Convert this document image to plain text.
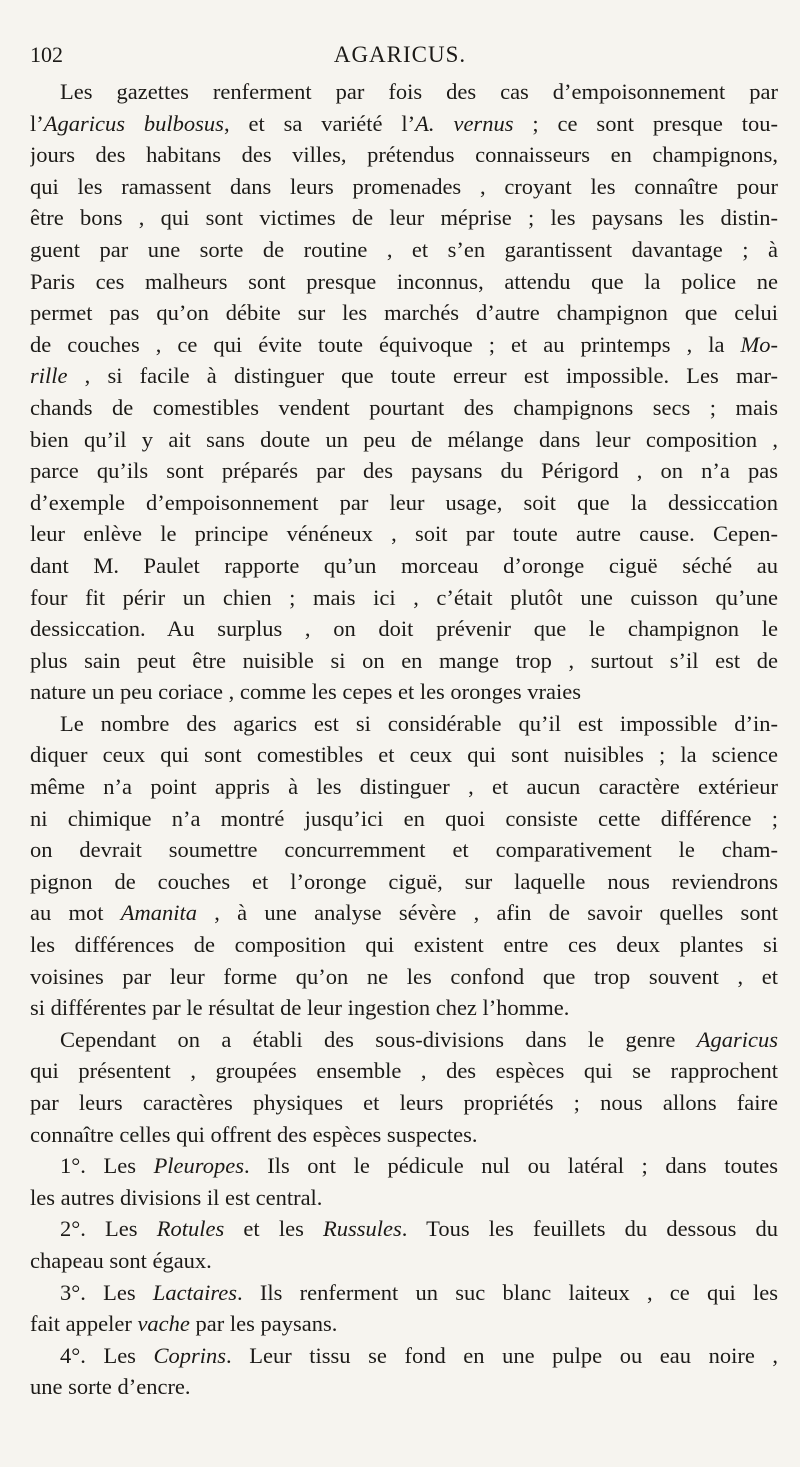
102	AGARICUS.
Les gazettes renferment par fois des cas d’empoisonnement par
l’Agaricus bulbosus, et sa variété l’A. vernus ; ce sont presque tou-
jours des habitans des villes, prétendus connaisseurs en champignons,
qui les ramassent dans leurs promenades , croyant les connaître pour
être bons , qui sont victimes de leur méprise ; les paysans les distin-
guent par une sorte de routine , et s’en garantissent davantage ; à
Paris ces malheurs sont presque inconnus, attendu que la police ne
permet pas qu’on débite sur les marchés d’autre champignon que celui
de couches , ce qui évite toute équivoque ; et au printemps , la Mo-
rille , si facile à distinguer que toute erreur est impossible. Les mar-
chands de comestibles vendent pourtant des champignons secs ; mais
bien qu’il y ait sans doute un peu de mélange dans leur composition ,
parce qu’ils sont préparés par des paysans du Périgord , on n’a pas
d’exemple d’empoisonnement par leur usage, soit que la dessiccation
leur enlève le principe vénéneux , soit par toute autre cause. Cepen-
dant M. Paulet rapporte qu’un morceau d’oronge ciguë séché au
four fit périr un chien ; mais ici , c’était plutôt une cuisson qu’une
dessiccation. Au surplus , on doit prévenir que le champignon le
plus sain peut être nuisible si on en mange trop , surtout s’il est de
nature un peu coriace , comme les cepes et les oronges vraies
Le nombre des agarics est si considérable qu’il est impossible d’in-
diquer ceux qui sont comestibles et ceux qui sont nuisibles ; la science
même n’a point appris à les distinguer , et aucun caractère extérieur
ni chimique n’a montré jusqu’ici en quoi consiste cette différence ;
on devrait soumettre concurremment et comparativement le cham-
pignon de couches et l’oronge ciguë, sur laquelle nous reviendrons
au mot Amanita , à une analyse sévère , afin de savoir quelles sont
les différences de composition qui existent entre ces deux plantes si
voisines par leur forme qu’on ne les confond que trop souvent , et
si différentes par le résultat de leur ingestion chez l’homme.
Cependant on a établi des sous-divisions dans le genre Agaricus
qui présentent , groupées ensemble , des espèces qui se rapprochent
par leurs caractères physiques et leurs propriétés ; nous allons faire
connaître celles qui offrent des espèces suspectes.
1°. Les Pleuropes. Ils ont le pédicule nul ou latéral ; dans toutes
les autres divisions il est central.
2°. Les Rotules et les Russules. Tous les feuillets du dessous du
chapeau sont égaux.
3°. Les Lactaires. Ils renferment un suc blanc laiteux , ce qui les
fait appeler vache par les paysans.
4°. Les Coprins. Leur tissu se fond en une pulpe ou eau noire ,
une sorte d’encre.
